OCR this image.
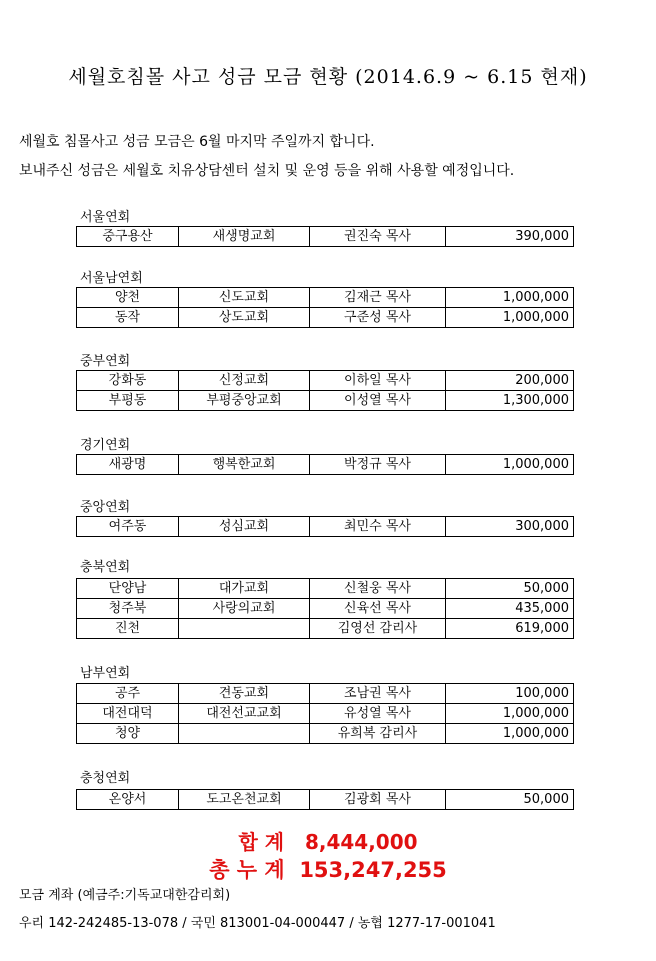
세월호침몰 사고 성금 모금 현황 (2014.6.9 ~ 6.15 현재)
세월호 침몰사고 성금 모금은 6월 마지막 주일까지 합니다.
보내주신 성금은 세월호 치유상담센터 설치 및 운영 등을 위해 사용할 예정입니다.
서울연회
중구용산	새생명교회	권진숙 목사	390,000
서울남연회
양천	신도교회	김재근 목사	1,000,000
동작	상도교회	구준성 목사	1,000,000
중부연회
강화동	신정교회	이하일 목사	200,000
부평동	부평중앙교회	이성열 목사	1,300,000
경기연회
새광명	행복한교회	박정규 목사	1,000,000
중앙연회
여주동	성심교회	최민수 목사	300,000
충북연회
단양남	대가교회	신철웅 목사	50,000
청주북	사랑의교회	신육선 목사	435,000
진천		김영선 감리사	619,000
남부연회
공주	견동교회	조남권 목사	100,000
대전대덕	대전선교교회	유성열 목사	1,000,000
청양		유희복 감리사	1,000,000
충청연회
온양서	도고온천교회	김광회 목사	50,000
합 계 8,444,000
총 누 계 153,247,255
모금 계좌 (예금주:기독교대한감리회)
우리 142-242485-13-078 / 국민 813001-04-000447 / 농협 1277-17-001041
